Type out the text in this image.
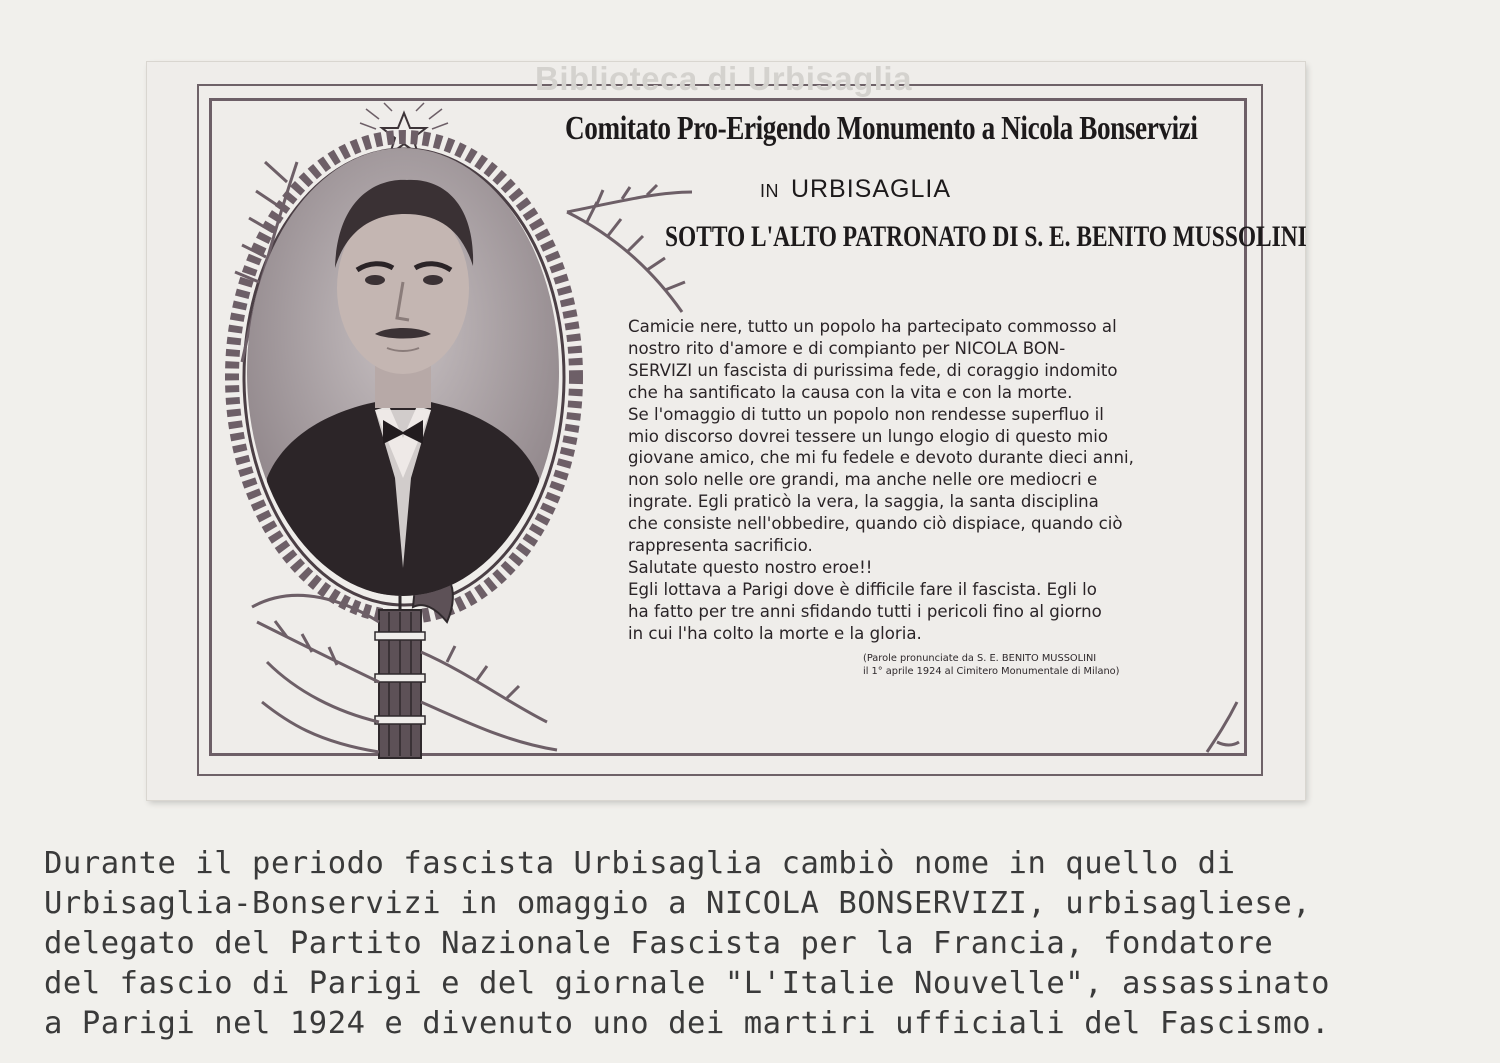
Biblioteca di Urbisaglia
Comitato Pro-Erigendo Monumento a Nicola Bonservizi
IN URBISAGLIA
SOTTO L'ALTO PATRONATO DI S. E. BENITO MUSSOLINI
Camicie nere, tutto un popolo ha partecipato commosso al
nostro rito d'amore e di compianto per NICOLA BON-
SERVIZI un fascista di purissima fede, di coraggio indomito
che ha santificato la causa con la vita e con la morte.
Se l'omaggio di tutto un popolo non rendesse superfluo il
mio discorso dovrei tessere un lungo elogio di questo mio
giovane amico, che mi fu fedele e devoto durante dieci anni,
non solo nelle ore grandi, ma anche nelle ore mediocri e
ingrate. Egli praticò la vera, la saggia, la santa disciplina
che consiste nell'obbedire, quando ciò dispiace, quando ciò
rappresenta sacrificio.
Salutate questo nostro eroe!!
Egli lottava a Parigi dove è difficile fare il fascista. Egli lo
ha fatto per tre anni sfidando tutti i pericoli fino al giorno
in cui l'ha colto la morte e la gloria.
(Parole pronunciate da S. E. BENITO MUSSOLINI
il 1° aprile 1924 al Cimitero Monumentale di Milano)
Durante il periodo fascista Urbisaglia cambiò nome in quello di
Urbisaglia-Bonservizi in omaggio a NICOLA BONSERVIZI, urbisagliese,
delegato del Partito Nazionale Fascista per la Francia, fondatore
del fascio di Parigi e del giornale "L'Italie Nouvelle", assassinato
a Parigi nel 1924 e divenuto uno dei martiri ufficiali del Fascismo.
